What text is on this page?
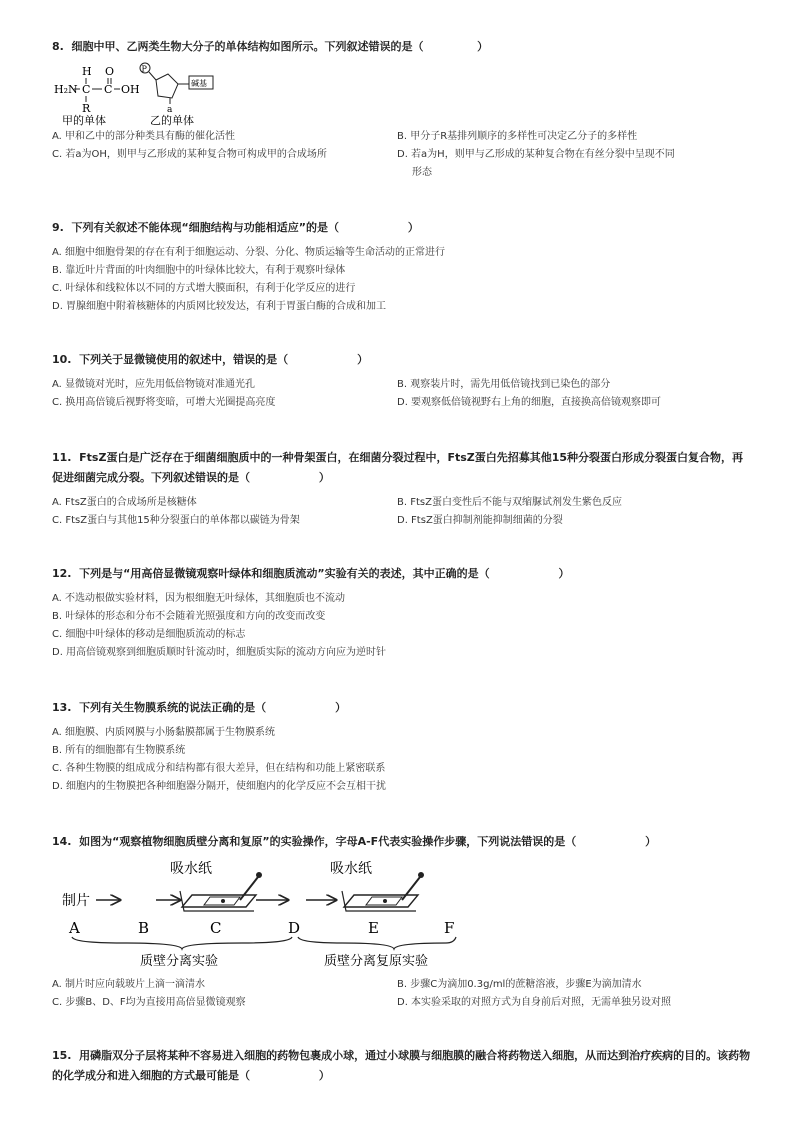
8.  细胞中甲、乙两类生物大分子的单体结构如图所示。下列叙述错误的是（              ）
H O
H₂N C C OH
R
P
碱基
a
甲的单体	乙的单体
A. 甲和乙中的部分种类具有酶的催化活性	B. 甲分子R基排列顺序的多样性可决定乙分子的多样性
C. 若a为OH，则甲与乙形成的某种复合物可构成甲的合成场所	D. 若a为H，则甲与乙形成的某种复合物在有丝分裂中呈现不同
形态
9.  下列有关叙述不能体现“细胞结构与功能相适应”的是（                  ）
A. 细胞中细胞骨架的存在有利于细胞运动、分裂、分化、物质运输等生命活动的正常进行
B. 靠近叶片背面的叶肉细胞中的叶绿体比较大，有利于观察叶绿体
C. 叶绿体和线粒体以不同的方式增大膜面积，有利于化学反应的进行
D. 胃腺细胞中附着核糖体的内质网比较发达，有利于胃蛋白酶的合成和加工
10.  下列关于显微镜使用的叙述中，错误的是（                  ）
A. 显微镜对光时，应先用低倍物镜对准通光孔	B. 观察装片时，需先用低倍镜找到已染色的部分
C. 换用高倍镜后视野将变暗，可增大光圈提高亮度	D. 要观察低倍镜视野右上角的细胞，直接换高倍镜观察即可
11.  FtsZ蛋白是广泛存在于细菌细胞质中的一种骨架蛋白，在细菌分裂过程中，FtsZ蛋白先招募其他15种分裂蛋白形成分裂蛋白复合物，再促进细菌完成分裂。下列叙述错误的是（                  ）
A. FtsZ蛋白的合成场所是核糖体	B. FtsZ蛋白变性后不能与双缩脲试剂发生紫色反应
C. FtsZ蛋白与其他15种分裂蛋白的单体都以碳链为骨架	D. FtsZ蛋白抑制剂能抑制细菌的分裂
12.  下列是与“用高倍显微镜观察叶绿体和细胞质流动”实验有关的表述，其中正确的是（                  ）
A. 不选动根做实验材料，因为根细胞无叶绿体，其细胞质也不流动
B. 叶绿体的形态和分布不会随着光照强度和方向的改变而改变
C. 细胞中叶绿体的移动是细胞质流动的标志
D. 用高倍镜观察到细胞质顺时针流动时，细胞质实际的流动方向应为逆时针
13.  下列有关生物膜系统的说法正确的是（                  ）
A. 细胞膜、内质网膜与小肠黏膜都属于生物膜系统
B. 所有的细胞都有生物膜系统
C. 各种生物膜的组成成分和结构都有很大差异，但在结构和功能上紧密联系
D. 细胞内的生物膜把各种细胞器分隔开，使细胞内的化学反应不会互相干扰
14.  如图为“观察植物细胞质壁分离和复原”的实验操作，字母A-F代表实验操作步骤，下列说法错误的是（                  ）
制片
吸水纸	吸水纸
A	B	C	D	E	F
质壁分离实验	质壁分离复原实验
A. 制片时应向载玻片上滴一滴清水	B. 步骤C为滴加0.3g/ml的蔗糖溶液，步骤E为滴加清水
C. 步骤B、D、F均为直接用高倍显微镜观察	D. 本实验采取的对照方式为自身前后对照，无需单独另设对照
15.  用磷脂双分子层将某种不容易进入细胞的药物包裹成小球，通过小球膜与细胞膜的融合将药物送入细胞，从而达到治疗疾病的目的。该药物的化学成分和进入细胞的方式最可能是（                  ）
